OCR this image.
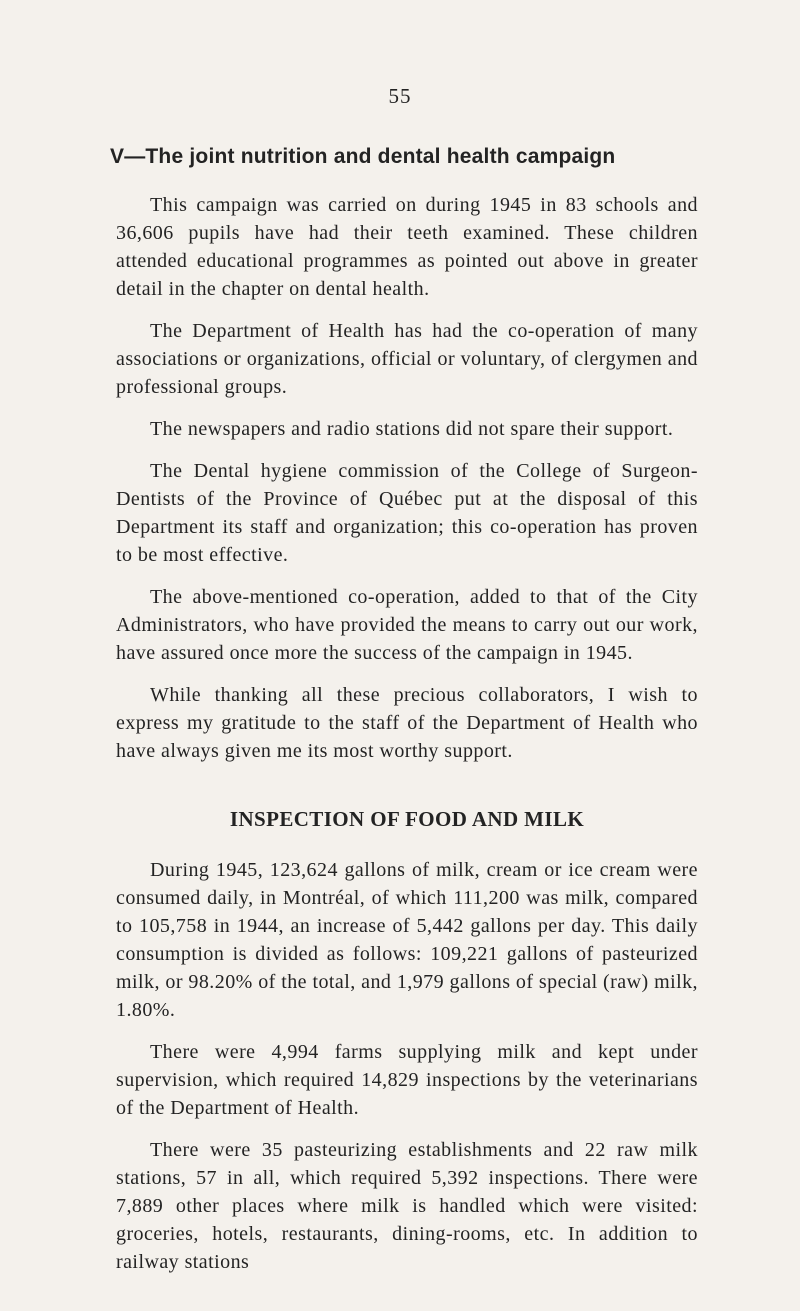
55
V—The joint nutrition and dental health campaign

This campaign was carried on during 1945 in 83 schools and 36,606 pupils have had their teeth examined. These children attended educational programmes as pointed out above in greater detail in the chapter on dental health.

The Department of Health has had the co-operation of many associations or organizations, official or voluntary, of clergymen and professional groups.

The newspapers and radio stations did not spare their support.

The Dental hygiene commission of the College of Surgeon-Dentists of the Province of Québec put at the disposal of this Department its staff and organization; this co-operation has proven to be most effective.

The above-mentioned co-operation, added to that of the City Administrators, who have provided the means to carry out our work, have assured once more the success of the campaign in 1945.

While thanking all these precious collaborators, I wish to express my gratitude to the staff of the Department of Health who have always given me its most worthy support.

INSPECTION OF FOOD AND MILK

During 1945, 123,624 gallons of milk, cream or ice cream were consumed daily, in Montréal, of which 111,200 was milk, compared to 105,758 in 1944, an increase of 5,442 gallons per day. This daily consumption is divided as follows: 109,221 gallons of pasteurized milk, or 98.20% of the total, and 1,979 gallons of special (raw) milk, 1.80%.

There were 4,994 farms supplying milk and kept under supervision, which required 14,829 inspections by the veterinarians of the Department of Health.

There were 35 pasteurizing establishments and 22 raw milk stations, 57 in all, which required 5,392 inspections. There were 7,889 other places where milk is handled which were visited: groceries, hotels, restaurants, dining-rooms, etc. In addition to railway stations
